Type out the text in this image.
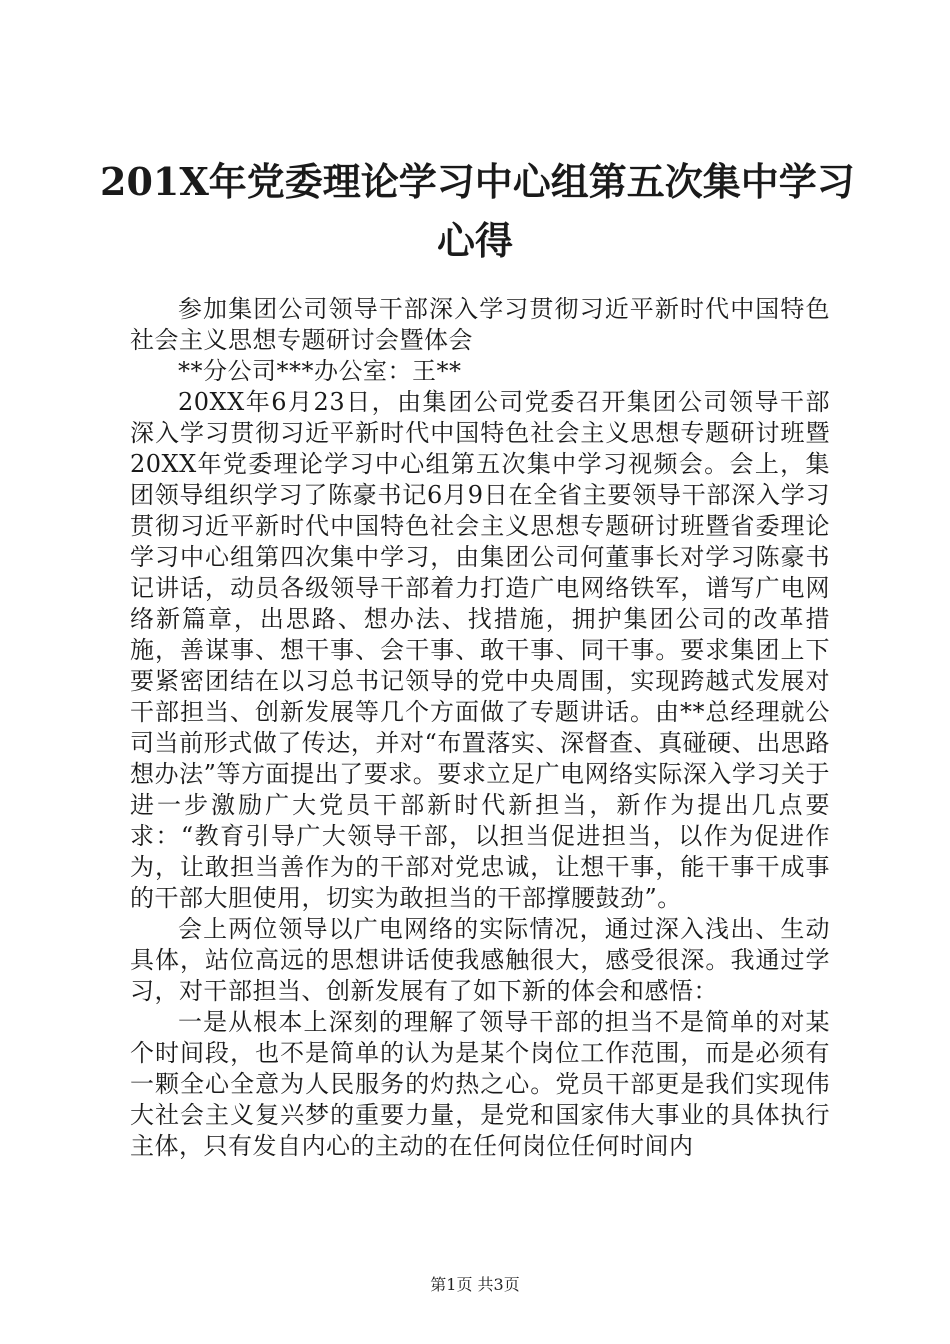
201X年党委理论学习中心组第五次集中学习
心得

参加集团公司领导干部深入学习贯彻习近平新时代中国特色社会主义思想专题研讨会暨体会

**分公司***办公室：王**

20XX年6月23日，由集团公司党委召开集团公司领导干部深入学习贯彻习近平新时代中国特色社会主义思想专题研讨班暨20XX年党委理论学习中心组第五次集中学习视频会。会上，集团领导组织学习了陈豪书记6月9日在全省主要领导干部深入学习贯彻习近平新时代中国特色社会主义思想专题研讨班暨省委理论学习中心组第四次集中学习，由集团公司何董事长对学习陈豪书记讲话，动员各级领导干部着力打造广电网络铁军，谱写广电网络新篇章，出思路、想办法、找措施，拥护集团公司的改革措施，善谋事、想干事、会干事、敢干事、同干事。要求集团上下要紧密团结在以习总书记领导的党中央周围，实现跨越式发展对干部担当、创新发展等几个方面做了专题讲话。由**总经理就公司当前形式做了传达，并对“布置落实、深督查、真碰硬、出思路想办法”等方面提出了要求。要求立足广电网络实际深入学习关于进一步激励广大党员干部新时代新担当，新作为提出几点要求：“教育引导广大领导干部，以担当促进担当，以作为促进作为，让敢担当善作为的干部对党忠诚，让想干事，能干事干成事的干部大胆使用，切实为敢担当的干部撑腰鼓劲”。

会上两位领导以广电网络的实际情况，通过深入浅出、生动具体，站位高远的思想讲话使我感触很大，感受很深。我通过学习，对干部担当、创新发展有了如下新的体会和感悟：

一是从根本上深刻的理解了领导干部的担当不是简单的对某个时间段，也不是简单的认为是某个岗位工作范围，而是必须有一颗全心全意为人民服务的灼热之心。党员干部更是我们实现伟大社会主义复兴梦的重要力量，是党和国家伟大事业的具体执行主体，只有发自内心的主动的在任何岗位任何时间内

第1页 共3页
